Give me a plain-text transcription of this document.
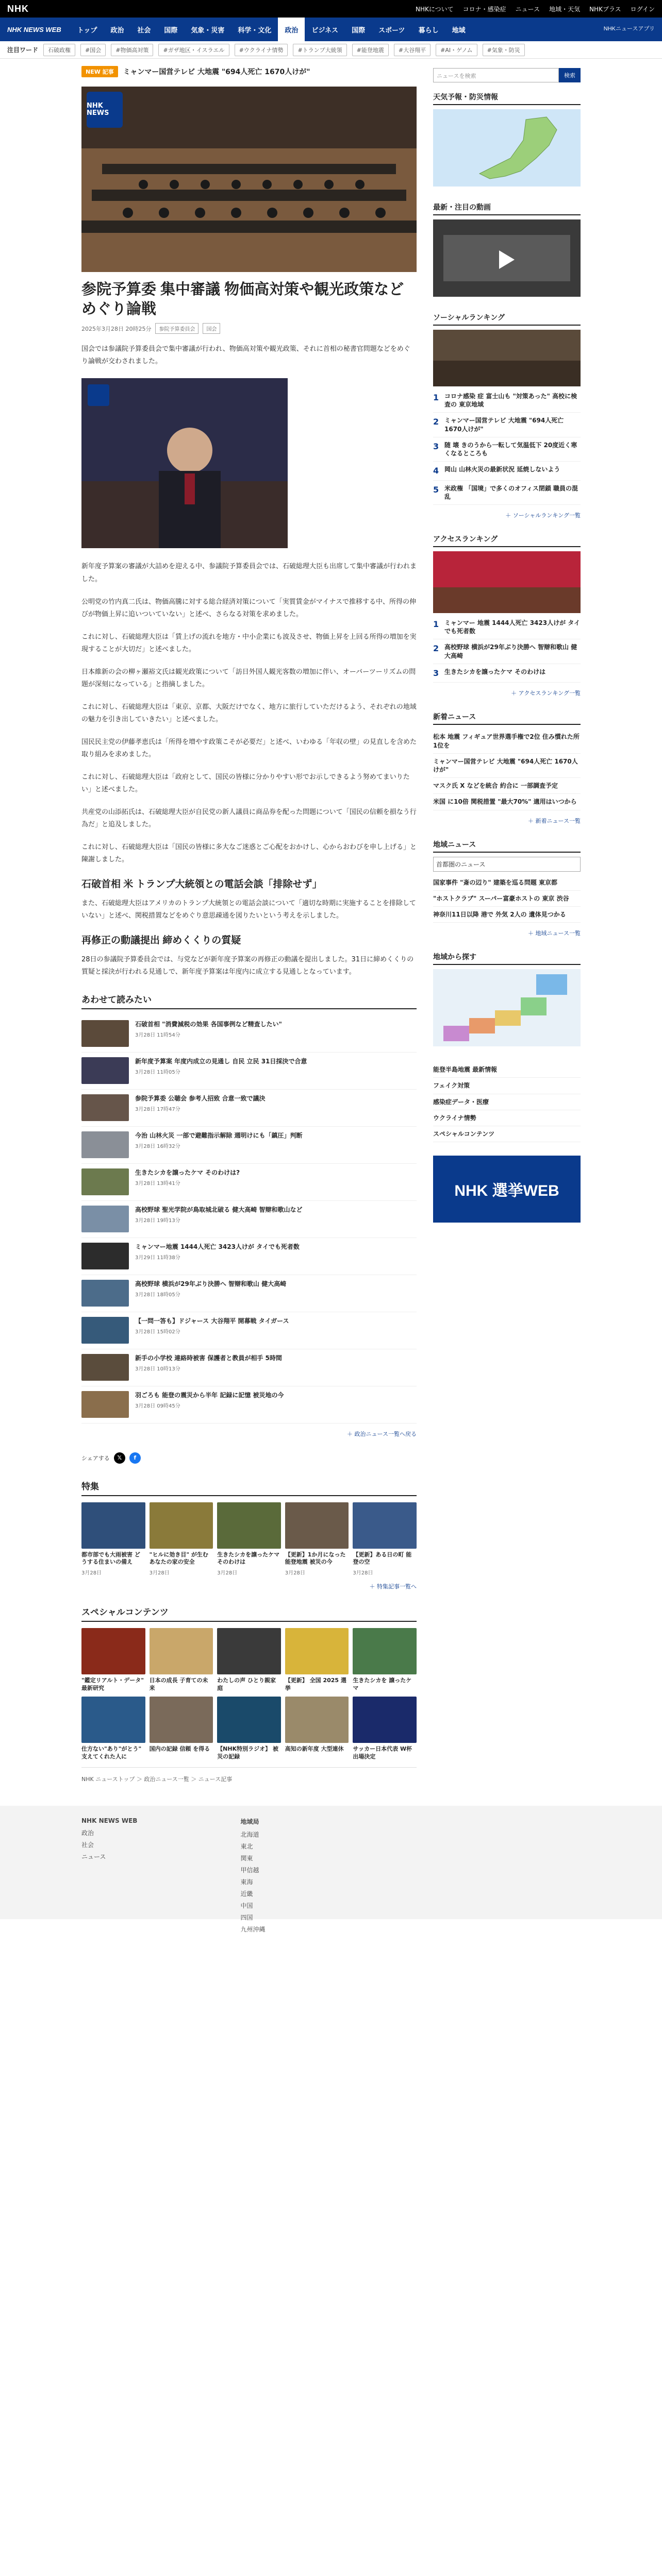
NHK	NHKについて コロナ・感染症 ニュース 地域・天気 NHKプラス ログイン
NHK NEWS WEB	トップ	政治	社会	国際	気象・災害	科学・文化	政治	ビジネス	国際	スポーツ	暮らし	地域	NHKニュースアプリ
注目ワード	石破政権	#国会	#物価高対策	#ガザ地区・イスラエル	#ウクライナ情勢	#トランプ大統領	#能登地震	#大谷翔平	#AI・ゲノム	#気象・防災
NEW 記事	ミャンマー国営テレビ 大地震 "694人死亡 1670人けが"
NHK NEWS
参院予算委 集中審議 物価高対策や観光政策などめぐり論戦
2025年3月28日 20時25分	参院予算委員会	国会

国会では参議院予算委員会で集中審議が行われ、物価高対策や観光政策、それに首相の秘書官問題などをめぐり論戦が交わされました。

新年度予算案の審議が大詰めを迎える中、参議院予算委員会では、石破総理大臣も出席して集中審議が行われました。

公明党の竹内真二氏は、物価高騰に対する総合経済対策について「実質賃金がマイナスで推移する中、所得の伸びが物価上昇に追いついていない」と述べ、さらなる対策を求めました。

これに対し、石破総理大臣は「賃上げの流れを地方・中小企業にも波及させ、物価上昇を上回る所得の増加を実現することが大切だ」と述べました。

日本維新の会の柳ヶ瀬裕文氏は観光政策について「訪日外国人観光客数の増加に伴い、オーバーツーリズムの問題が深刻になっている」と指摘しました。

これに対し、石破総理大臣は「東京、京都、大阪だけでなく、地方に旅行していただけるよう、それぞれの地域の魅力を引き出していきたい」と述べました。

国民民主党の伊藤孝恵氏は「所得を増やす政策こそが必要だ」と述べ、いわゆる「年収の壁」の見直しを含めた取り組みを求めました。

これに対し、石破総理大臣は「政府として、国民の皆様に分かりやすい形でお示しできるよう努めてまいりたい」と述べました。

共産党の山添拓氏は、石破総理大臣が自民党の新人議員に商品券を配った問題について「国民の信頼を損なう行為だ」と追及しました。

これに対し、石破総理大臣は「国民の皆様に多大なご迷惑とご心配をおかけし、心からおわびを申し上げる」と陳謝しました。

石破首相 米 トランプ大統領との電話会談「排除せず」

また、石破総理大臣はアメリカのトランプ大統領との電話会談について「適切な時期に実施することを排除していない」と述べ、関税措置などをめぐり意思疎通を図りたいという考えを示しました。

再修正の動議提出 締めくくりの質疑

28日の参議院予算委員会では、与党などが新年度予算案の再修正の動議を提出しました。31日に締めくくりの質疑と採決が行われる見通しで、新年度予算案は年度内に成立する見通しとなっています。

あわせて読みたい
石破首相 "消費減税の効果 各国事例など精査したい"
3月28日 11時54分
新年度予算案 年度内成立の見通し 自民 立民 31日採決で合意
3月28日 11時05分
参院予算委 公聴会 参考人招致 合意一致で議決
3月28日 17時47分
今治 山林火災 一部で避難指示解除 週明けにも「鎮圧」判断
3月28日 16時32分
生きたシカを譲ったケマ そのわけは?
3月28日 13時41分
高校野球 聖光学院が鳥取城北破る 健大高崎 智辯和歌山など
3月28日 19時13分
ミャンマー地震 1444人死亡 3423人けが タイでも死者数
3月29日 11時38分
高校野球 横浜が29年ぶり決勝へ 智辯和歌山 健大高崎
3月28日 18時05分
【一問一答も】ドジャース 大谷翔平 開幕戦 タイガース
3月28日 15時02分
新手の小学校 連絡時被害 保護者と教員が相手 5時間
3月28日 10時13分
羽ごろも 能登の震災から半年 記録に記憶 被災地の今
3月28日 09時45分
＋ 政治ニュース一覧へ戻る
シェアする	𝕏	f
特集
都市部でも大雨被害 どうする住まいの備え
3月28日
"ヒルに効き目" が生む あなたの家の安全
3月28日
生きたシカを譲ったケマ そのわけは
3月28日
【更新】1か月になった 能登地震 被災の今
3月28日
【更新】ある日の町 能登の空
3月28日
＋ 特集記事一覧へ
スペシャルコンテンツ
"鑑定リアルト・データ" 最新研究
日本の成長 子育ての未来
わたしの声 ひとり親家庭
【更新】 全国 2025 選挙
生きたシカを 譲ったケマ
仕方ない"あり"がとう" 支えてくれた人に
国内の記録 信頼 を得る	【NHK特別ラジオ】 被災の記録
高知の新年度 大型連休	サッカー日本代表 W杯 出場決定
NHK ニューストップ ＞ 政治ニュース一覧 ＞ ニュース記事
ニュースを検索	検索
天気予報・防災情報
最新・注目の動画
ソーシャルランキング
1 コロナ感染 症 富士山も "対策あった" 高校に検査の 東京地域
2 ミャンマー国営テレビ 大地震 "694人死亡 1670人けが"
3 随 壊 きのうから一転して気温低下 20度近く寒くなるところも
4 岡山 山林火災の最新状況 延焼しないよう
5 米政権 「国境」で多くのオフィス閉鎖 職員の混乱
＋ ソーシャルランキング一覧
アクセスランキング
1 ミャンマー 地震 1444人死亡 3423人けが タイでも死者数
2 高校野球 横浜が29年ぶり決勝へ 智辯和歌山 健大高崎
3 生きたシカを譲ったケマ そのわけは
＋ アクセスランキング一覧
新着ニュース
松本 地震 フィギュア世界選手権で2位 住み慣れた所 1位を
ミャンマー国営テレビ 大地震 "694人死亡 1670人けが"
マスク氏 X などを統合 約合に 一部調査予定
米国 に10倍 関税措置 "最大70%" 適用はいつから
＋ 新着ニュース一覧
地域ニュース
首都圏のニュース
国家事件 "斎の辺り" 建築を巡る問題 東京都
"ホストクラブ" スーパー富豪ホストの 東京 渋谷
神奈川11日以降 港で 外気 2人の 遺体見つかる
＋ 地域ニュース一覧
地域から探す
能登半島地震 最新情報
フェイク対策
感染症データ・医療
ウクライナ情勢
スペシャルコンテンツ
NHK 選挙WEB
NHK NEWS WEB
政治
社会
ニュース
地域局
北海道
東北
関東
甲信越
東海
近畿
中国
四国
九州沖縄
